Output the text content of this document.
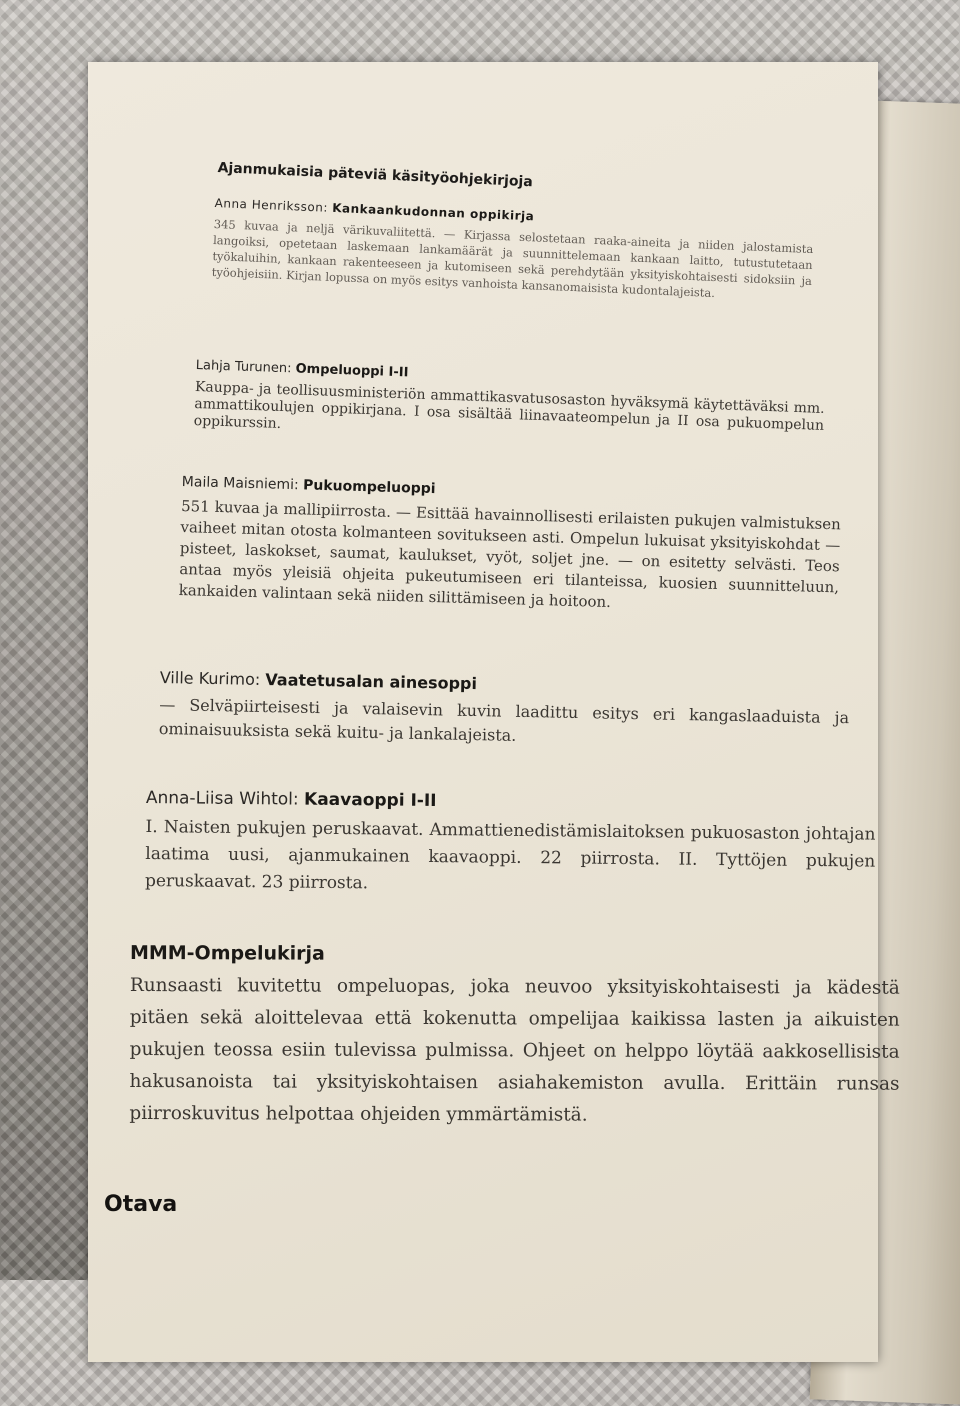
Ajanmukaisia päteviä käsityöohjekirjoja

Anna Henriksson: Kankaankudonnan oppikirja

345 kuvaa ja neljä värikuvaliitettä. — Kirjassa selostetaan raaka-aineita ja niiden jalostamista langoiksi, opetetaan laskemaan lankamäärät ja suunnittelemaan kankaan laitto, tutustutetaan työkaluihin, kankaan rakenteeseen ja kutomiseen sekä perehdytään yksityiskohtaisesti sidoksiin ja työohjeisiin. Kirjan lopussa on myös esitys vanhoista kansanomaisista kudontalajeista.

Lahja Turunen: Ompeluoppi I-II

Kauppa- ja teollisuusministeriön ammattikasvatusosaston hyväksymä käytettäväksi mm. ammattikoulujen oppikirjana. I osa sisältää liinavaateompelun ja II osa pukuompelun oppikurssin.

Maila Maisniemi: Pukuompeluoppi

551 kuvaa ja mallipiirrosta. — Esittää havainnollisesti erilaisten pukujen valmistuksen vaiheet mitan otosta kolmanteen sovitukseen asti. Ompelun lukuisat yksityiskohdat — pisteet, laskokset, saumat, kaulukset, vyöt, soljet jne. — on esitetty selvästi. Teos antaa myös yleisiä ohjeita pukeutumiseen eri tilanteissa, kuosien suunnitteluun, kankaiden valintaan sekä niiden silittämiseen ja hoitoon.

Ville Kurimo: Vaatetusalan ainesoppi

— Selväpiirteisesti ja valaisevin kuvin laadittu esitys eri kangaslaaduista ja ominaisuuksista sekä kuitu- ja lankalajeista.

Anna-Liisa Wihtol: Kaavaoppi I-II

I. Naisten pukujen peruskaavat. Ammattienedistämislaitoksen pukuosaston johtajan laatima uusi, ajanmukainen kaavaoppi. 22 piirrosta. II. Tyttöjen pukujen peruskaavat. 23 piirrosta.

MMM-Ompelukirja

Runsaasti kuvitettu ompeluopas, joka neuvoo yksityiskohtaisesti ja kädestä pitäen sekä aloittelevaa että kokenutta ompelijaa kaikissa lasten ja aikuisten pukujen teossa esiin tulevissa pulmissa. Ohjeet on helppo löytää aakkosellisista hakusanoista tai yksityiskohtaisen asiahakemiston avulla. Erittäin runsas piirroskuvitus helpottaa ohjeiden ymmärtämistä.

Otava
